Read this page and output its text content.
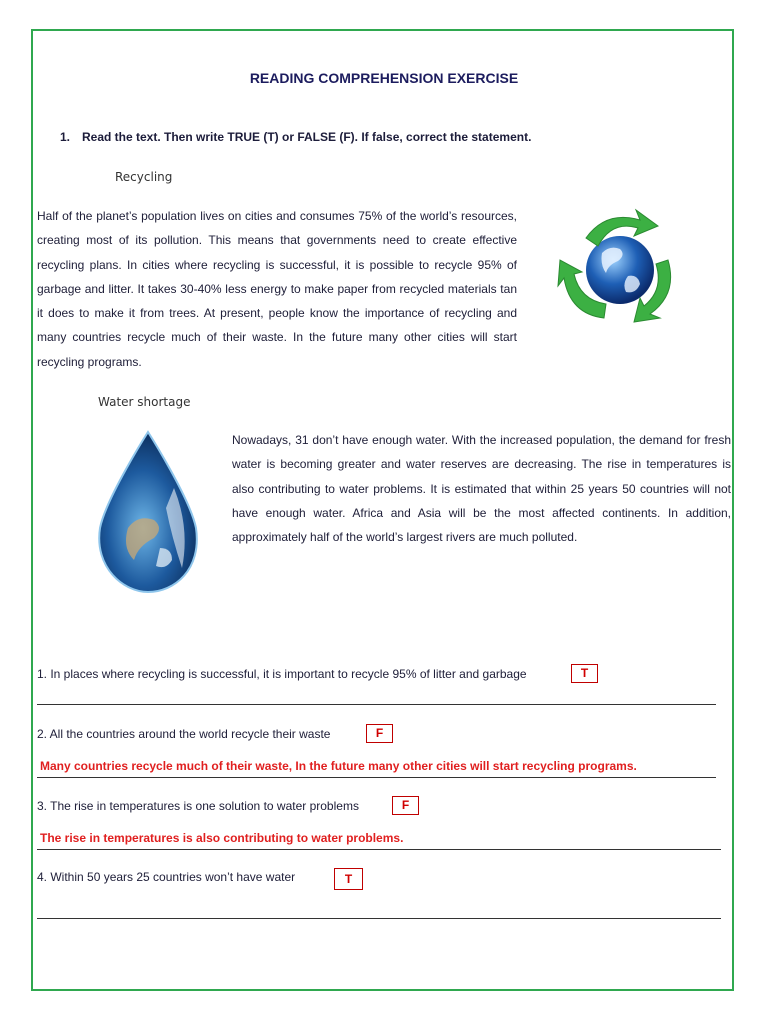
READING COMPREHENSION EXERCISE
1. Read the text. Then write TRUE (T) or FALSE (F). If false, correct the statement.
Recycling
Half of the planet’s population lives on cities and consumes 75% of the world’s resources, creating most of its pollution. This means that governments need to create effective recycling plans. In cities where recycling is successful, it is possible to recycle 95% of garbage and litter. It takes 30-40% less energy to make paper from recycled materials tan it does to make it from trees. At present, people know the importance of recycling and many countries recycle much of their waste. In the future many other cities will start recycling programs.
Water shortage
Nowadays, 31 don’t have enough water. With the increased population, the demand for fresh water is becoming greater and water reserves are decreasing. The rise in temperatures is also contributing to water problems. It is estimated that within 25 years 50 countries will not have enough water. Africa and Asia will be the most affected continents. In addition, approximately half of the world’s largest rivers are much polluted.
1. In places where recycling is successful, it is important to recycle 95% of litter and garbage	T
2. All the countries around the world recycle their waste	F
Many countries recycle much of their waste, In the future many other cities will start recycling programs.
3. The rise in temperatures is one solution to water problems	F
The rise in temperatures is also contributing to water problems.
4. Within 50 years 25 countries won’t have water	T
